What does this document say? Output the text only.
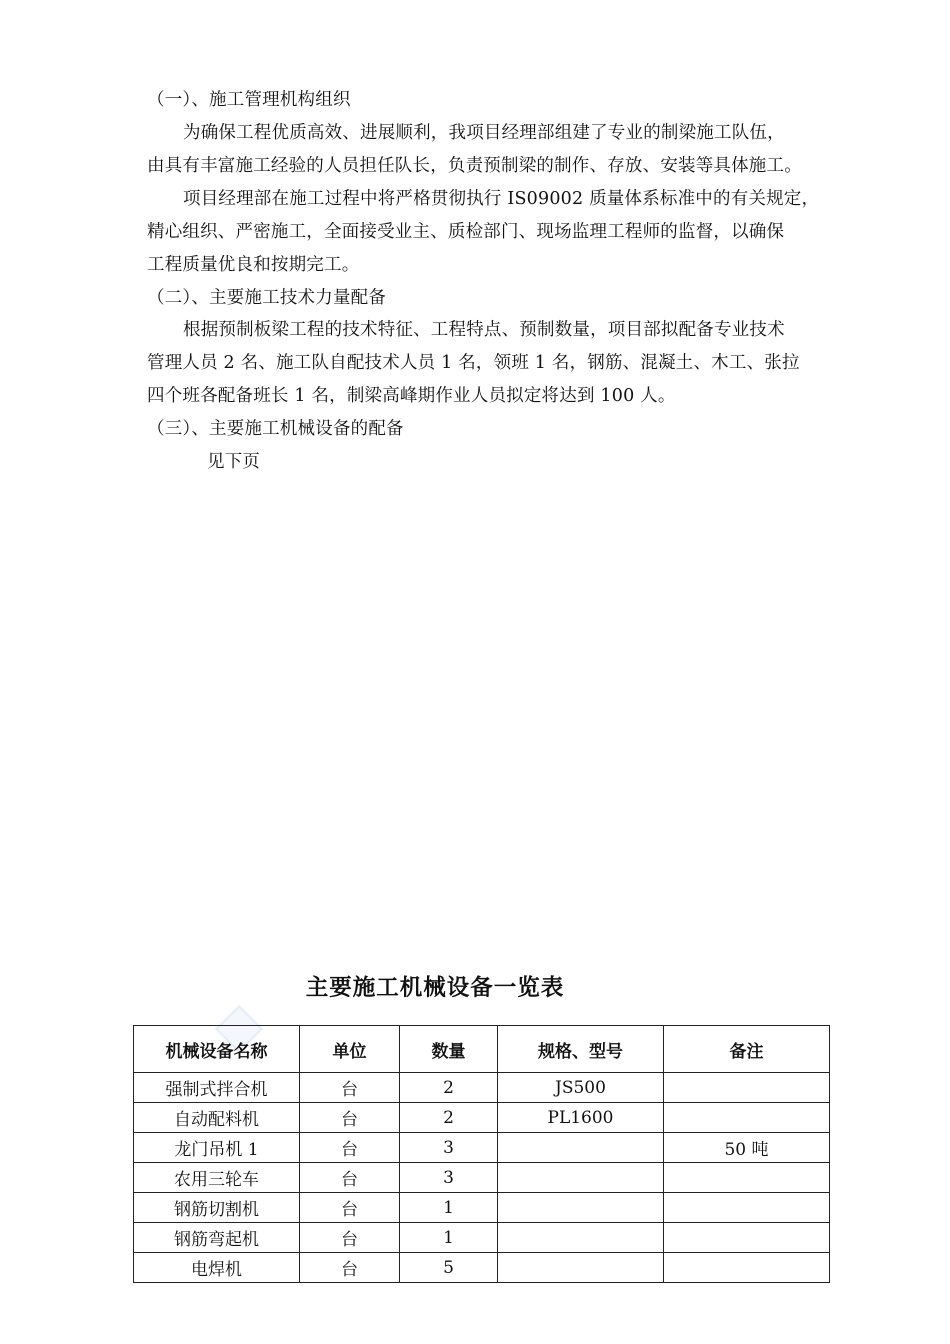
（一）、施工管理机构组织
为确保工程优质高效、进展顺利，我项目经理部组建了专业的制梁施工队伍，
由具有丰富施工经验的人员担任队长，负责预制梁的制作、存放、安装等具体施工。
项目经理部在施工过程中将严格贯彻执行 IS09002 质量体系标准中的有关规定，
精心组织、严密施工，全面接受业主、质检部门、现场监理工程师的监督，以确保
工程质量优良和按期完工。
（二）、主要施工技术力量配备
根据预制板梁工程的技术特征、工程特点、预制数量，项目部拟配备专业技术
管理人员 2 名、施工队自配技术人员 1 名，领班 1 名，钢筋、混凝土、木工、张拉
四个班各配备班长 1 名，制梁高峰期作业人员拟定将达到 100 人。
（三）、主要施工机械设备的配备
见下页
主要施工机械设备一览表
机械设备名称	单位	数量	规格、型号	备注
强制式拌合机	台	2	JS500	
自动配料机	台	2	PL1600	
龙门吊机 1	台	3		50 吨
农用三轮车	台	3		
钢筋切割机	台	1		
钢筋弯起机	台	1		
电焊机	台	5		
